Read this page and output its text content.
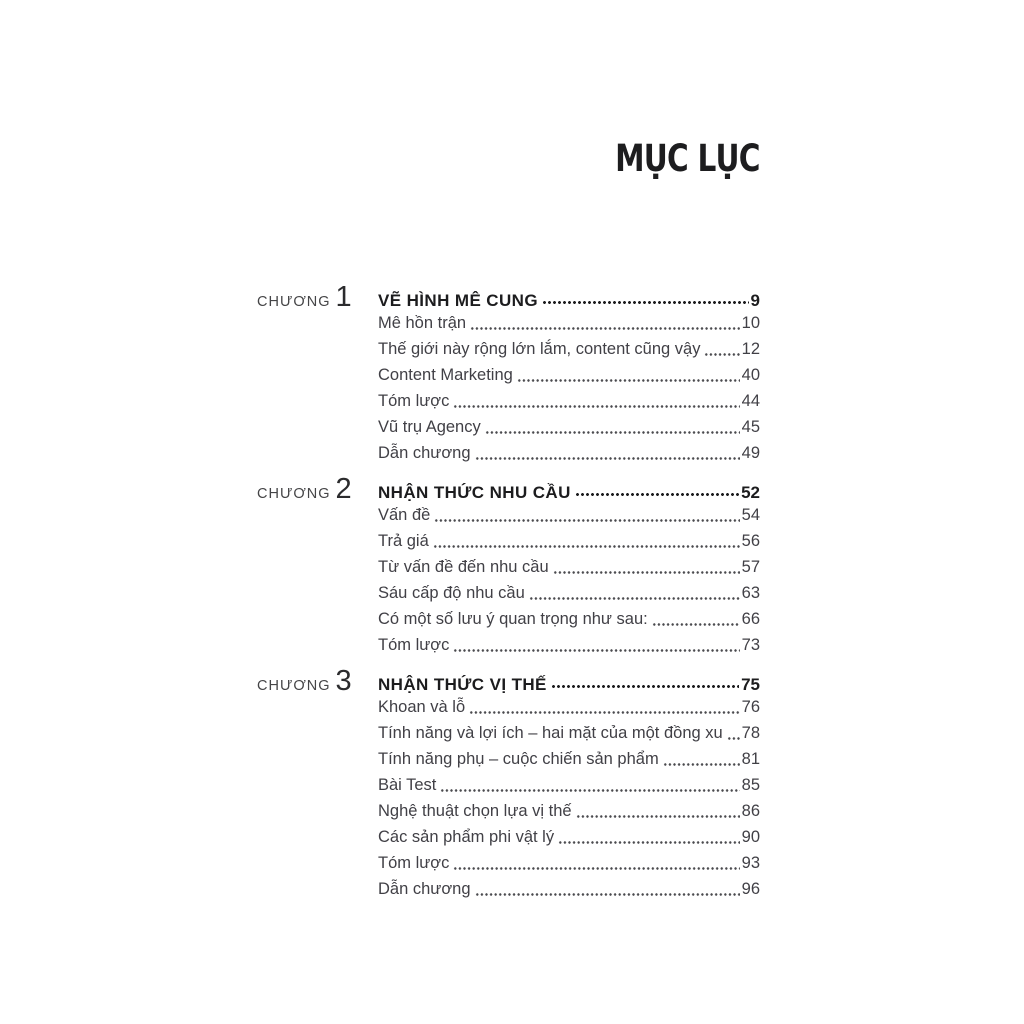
MỤC LỤC
CHƯƠNG 1	VẼ HÌNH MÊ CUNG	9
Mê hồn trận	10
Thế giới này rộng lớn lắm, content cũng vậy 12
Content Marketing	40
Tóm lược	44
Vũ trụ Agency	45
Dẫn chương	49
CHƯƠNG 2	NHẬN THỨC NHU CẦU	52
Vấn đề	54
Trả giá	56
Từ vấn đề đến nhu cầu	57
Sáu cấp độ nhu cầu	63
Có một số lưu ý quan trọng như sau:	66
Tóm lược	73
CHƯƠNG 3	NHẬN THỨC VỊ THẾ	75
Khoan và lỗ	76
Tính năng và lợi ích – hai mặt của một đồng xu 78
Tính năng phụ – cuộc chiến sản phẩm	81
Bài Test	85
Nghệ thuật chọn lựa vị thế	86
Các sản phẩm phi vật lý	90
Tóm lược	93
Dẫn chương	96
